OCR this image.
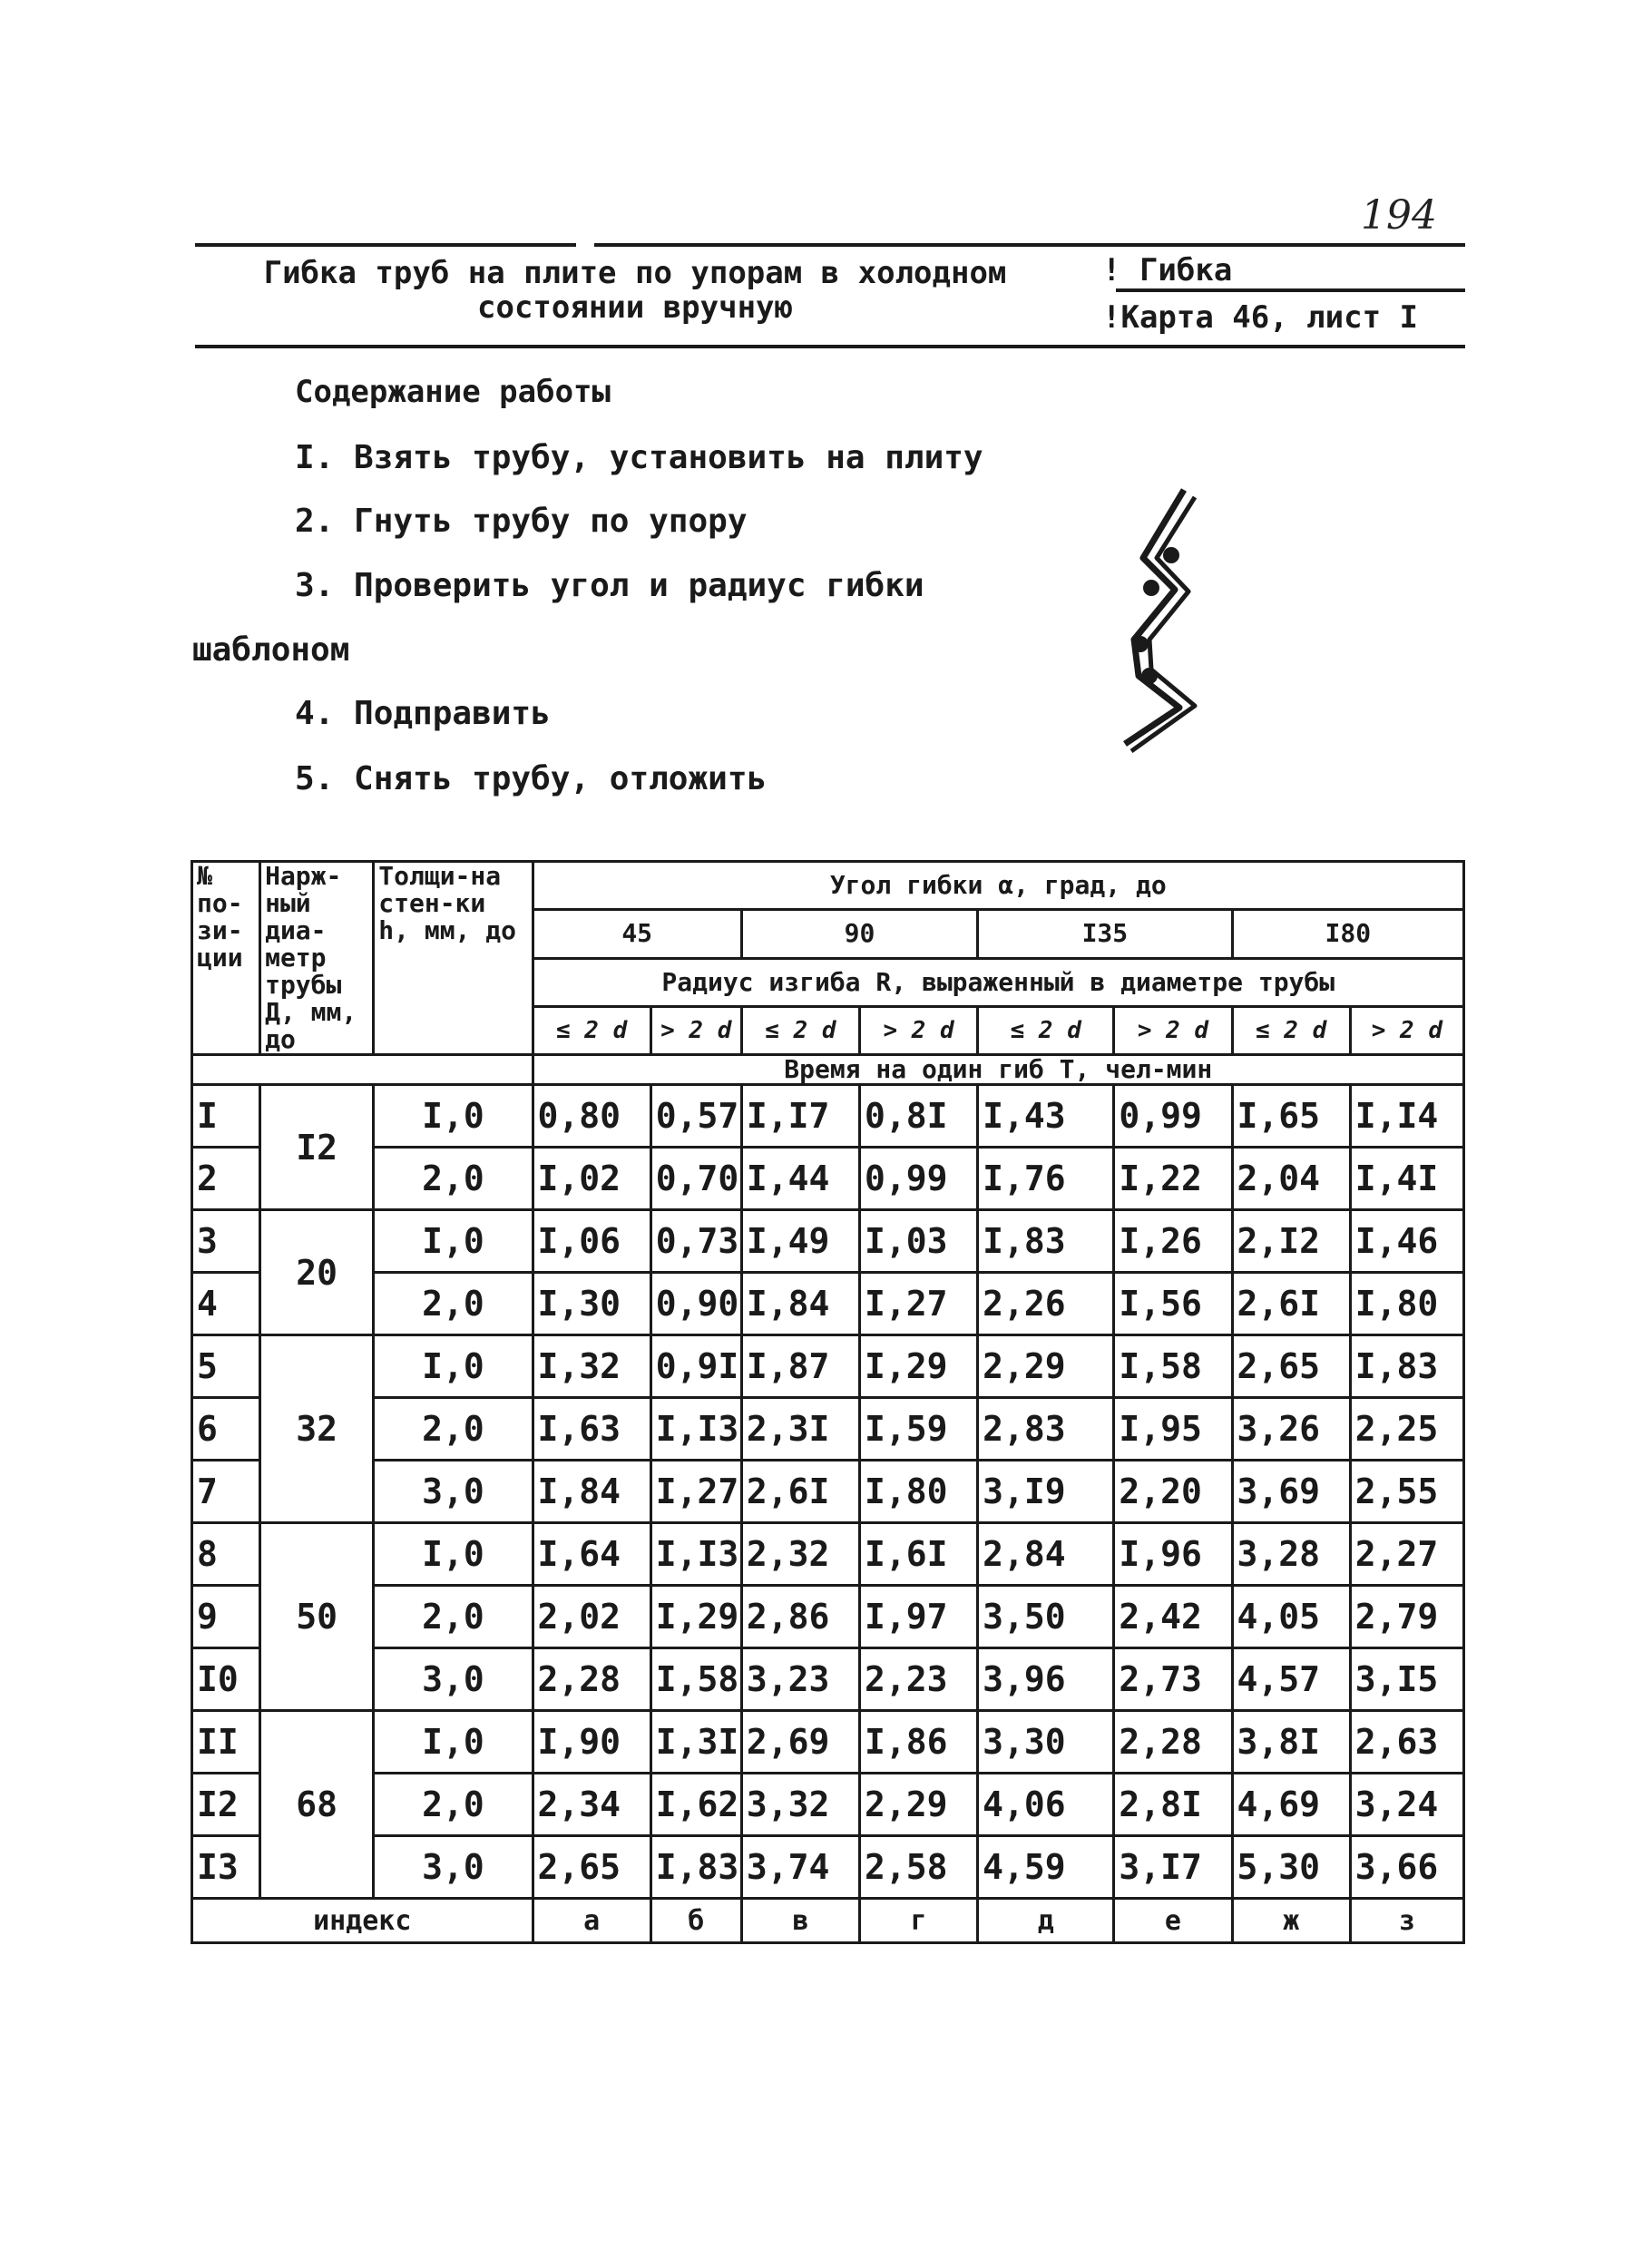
194
Гибка труб на плите по упорам в холодном
состоянии вручную
! Гибка
!Карта 46, лист I
Содержание работы
I. Взять трубу, установить на плиту
2. Гнуть трубу по упору
3. Проверить угол и радиус гибки
шаблоном
4. Подправить
5. Снять трубу, отложить
№ по-зи-ции	Нарж-ный диа-метр трубы Д, мм, до	Толщи-на стен-ки h, мм, до	Угол гибки α, град, до							
			45		90		I35		I80	
			Радиус изгиба R, выраженный в диаметре трубы							
			≤ 2 d	> 2 d	≤ 2 d	> 2 d	≤ 2 d	> 2 d	≤ 2 d	> 2 d
			Время на один гиб Т, чел-мин							
I	I2	I,0	0,80	0,57	I,I7	0,8I	I,43	0,99	I,65	I,I4
2		2,0	I,02	0,70	I,44	0,99	I,76	I,22	2,04	I,4I
3	20	I,0	I,06	0,73	I,49	I,03	I,83	I,26	2,I2	I,46
4		2,0	I,30	0,90	I,84	I,27	2,26	I,56	2,6I	I,80
5	32	I,0	I,32	0,9I	I,87	I,29	2,29	I,58	2,65	I,83
6		2,0	I,63	I,I3	2,3I	I,59	2,83	I,95	3,26	2,25
7		3,0	I,84	I,27	2,6I	I,80	3,I9	2,20	3,69	2,55
8	50	I,0	I,64	I,I3	2,32	I,6I	2,84	I,96	3,28	2,27
9		2,0	2,02	I,29	2,86	I,97	3,50	2,42	4,05	2,79
I0		3,0	2,28	I,58	3,23	2,23	3,96	2,73	4,57	3,I5
II	68	I,0	I,90	I,3I	2,69	I,86	3,30	2,28	3,8I	2,63
I2		2,0	2,34	I,62	3,32	2,29	4,06	2,8I	4,69	3,24
I3		3,0	2,65	I,83	3,74	2,58	4,59	3,I7	5,30	3,66
индекс			а	б	в	г	д	е	ж	з
